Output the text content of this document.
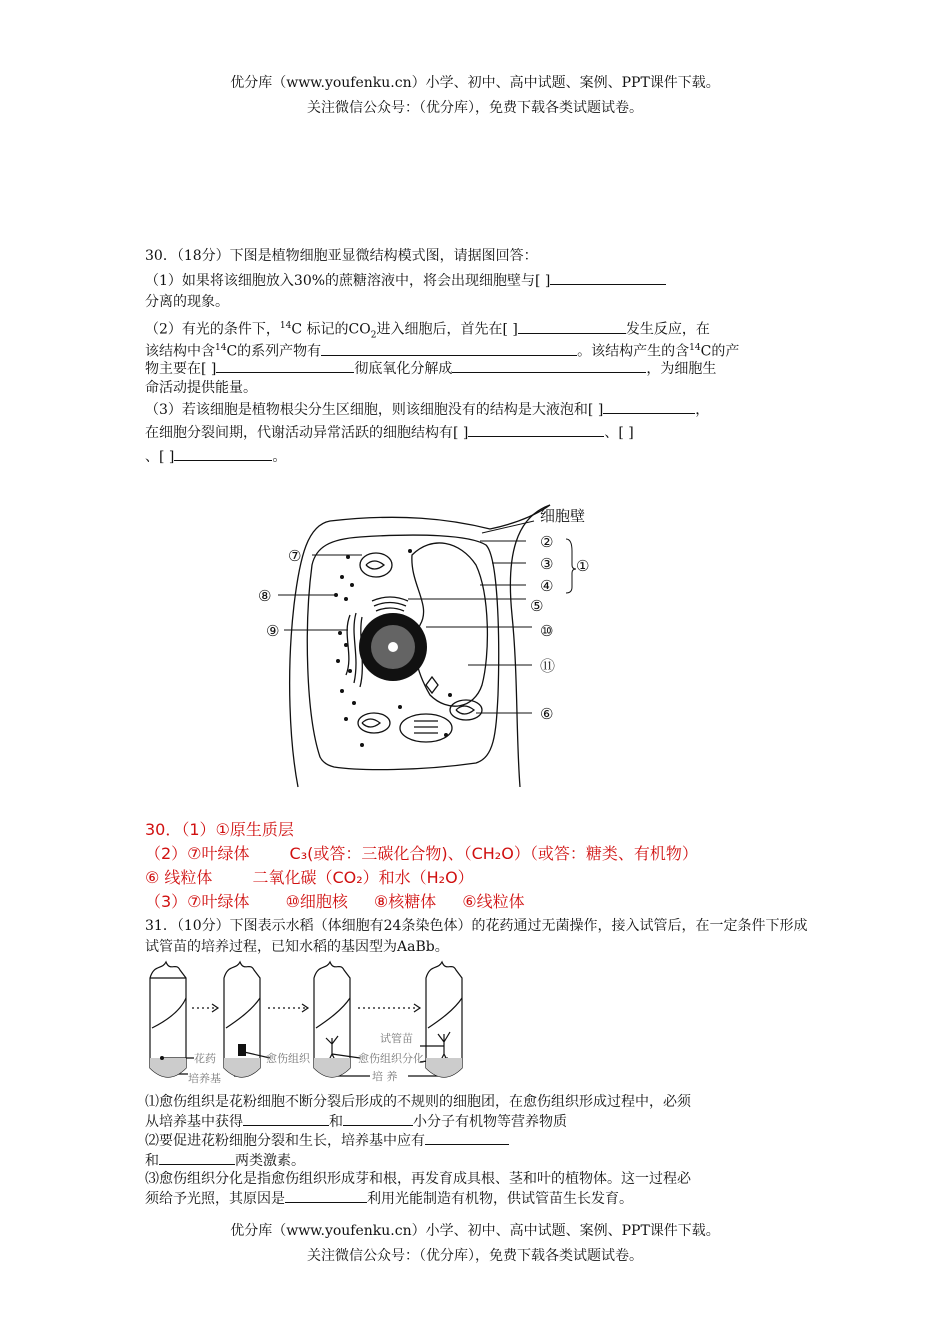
优分库（www.youfenku.cn）小学、初中、高中试题、案例、PPT课件下载。
关注微信公众号：（优分库），免费下载各类试题试卷。
30．（18分）下图是植物细胞亚显微结构模式图，请据图回答：
（1）如果将该细胞放入30%的蔗糖溶液中，将会出现细胞壁与[ ]
分离的现象。
（2）有光的条件下，$^{14}$C 标记的$CO_2$进入细胞后，首先在[ ]	发生反应，在
该结构中含$^{14}$C的系列产物有	。该结构产生的含$^{14}$C的产
物主要在[ ]	彻底氧化分解成	，为细胞生
命活动提供能量。
（3）若该细胞是植物根尖分生区细胞，则该细胞没有的结构是大液泡和[ ]	，
在细胞分裂间期，代谢活动异常活跃的细胞结构有[ ]	、[ ]
、[ ]	。
细胞壁
⑦
⑧
⑨
②
③
④
①
⑤
⑩
⑪
⑥
30．（1）①原生质层
（2）⑦叶绿体	C₃(或答：三碳化合物)、（CH₂O）（或答：糖类、有机物）
⑥ 线粒体	二氧化碳（CO₂）和水（H₂O）
（3）⑦叶绿体 ⑩细胞核 ⑧核糖体 ⑥线粒体
31．（10分）下图表示水稻（体细胞有24条染色体）的花药通过无菌操作，接入试管后，在一定条件下形成试管苗的培养过程，已知水稻的基因型为AaBb。
花药
培养基
愈伤组织	愈伤组织分化
试管苗
培 养
⑴愈伤组织是花粉细胞不断分裂后形成的不规则的细胞团，在愈伤组织形成过程中，必须
从培养基中获得	和	小分子有机物等营养物质
⑵要促进花粉细胞分裂和生长，培养基中应有
和	两类激素。
⑶愈伤组织分化是指愈伤组织形成芽和根，再发育成具根、茎和叶的植物体。这一过程必
须给予光照，其原因是	利用光能制造有机物，供试管苗生长发育。
优分库（www.youfenku.cn）小学、初中、高中试题、案例、PPT课件下载。
关注微信公众号：（优分库），免费下载各类试题试卷。
